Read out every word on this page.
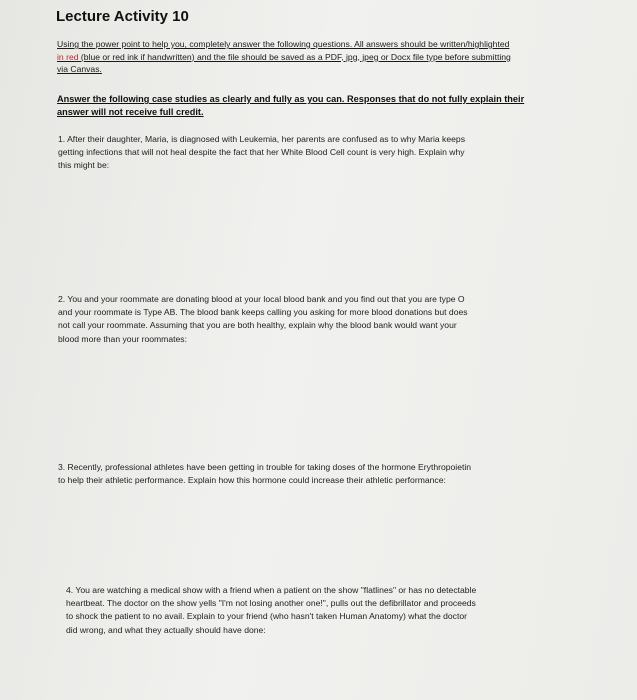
Lecture Activity 10
Using the power point to help you, completely answer the following questions. All answers should be written/highlighted
in red (blue or red ink if handwritten) and the file should be saved as a PDF, jpg, jpeg or Docx file type before submitting
via Canvas.
Answer the following case studies as clearly and fully as you can. Responses that do not fully explain their
answer will not receive full credit.
1. After their daughter, Maria, is diagnosed with Leukemia, her parents are confused as to why Maria keeps
getting infections that will not heal despite the fact that her White Blood Cell count is very high. Explain why
this might be:
2. You and your roommate are donating blood at your local blood bank and you find out that you are type O
and your roommate is Type AB. The blood bank keeps calling you asking for more blood donations but does
not call your roommate. Assuming that you are both healthy, explain why the blood bank would want your
blood more than your roommates:
3. Recently, professional athletes have been getting in trouble for taking doses of the hormone Erythropoietin
to help their athletic performance. Explain how this hormone could increase their athletic performance:
4. You are watching a medical show with a friend when a patient on the show "flatlines" or has no detectable
heartbeat. The doctor on the show yells "I'm not losing another one!", pulls out the defibrillator and proceeds
to shock the patient to no avail. Explain to your friend (who hasn't taken Human Anatomy) what the doctor
did wrong, and what they actually should have done:
